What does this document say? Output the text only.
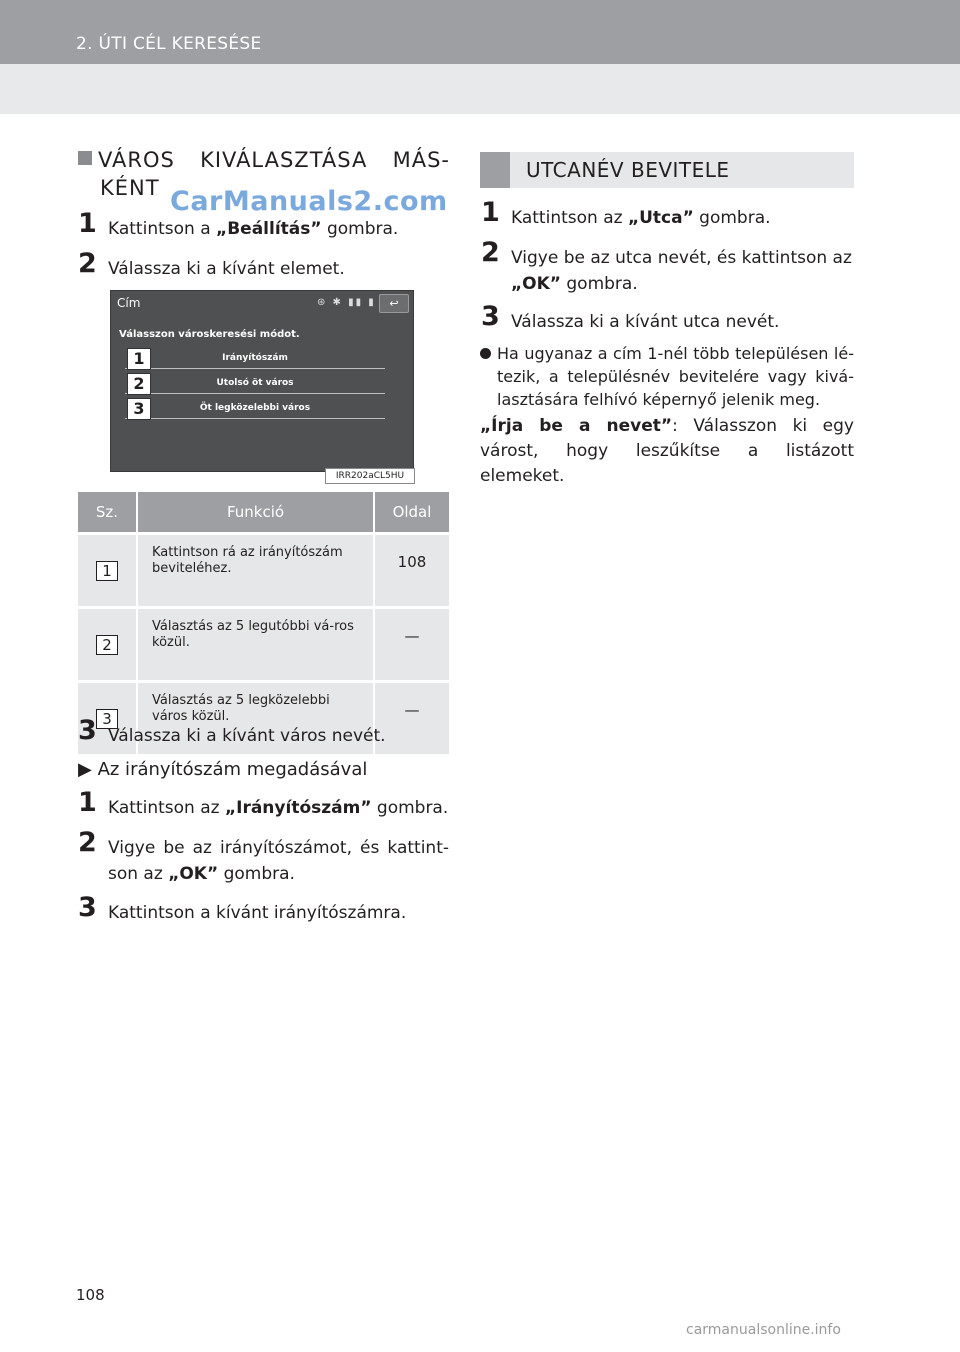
2. ÚTI CÉL KERESÉSE
VÁROS KIVÁLASZTÁSA MÁS-
KÉNT CarManuals2.com
1 Kattintson a „Beállítás” gombra.
2 Válassza ki a kívánt elemet.
Cím	⊛ ✱ ▮▮ ▮	↩
Válasszon városkeresési módot.
Irányítószám
1
Utolsó öt város
2
Öt legközelebbi város
3
IRR202aCL5HU
Sz.	Funkció	Oldal
1	Kattintson rá az irányítószám beviteléhez.	108
2	Választás az 5 legutóbbi vá-ros közül.	—
3	Választás az 5 legközelebbi város közül.	—
3 Válassza ki a kívánt város nevét.
▶ Az irányítószám megadásával
1 Kattintson az „Irányítószám” gombra.
2 Vigye be az irányítószámot, és kattint-son az „OK” gombra.
3 Kattintson a kívánt irányítószámra.
UTCANÉV BEVITELE
1 Kattintson az „Utca” gombra.
2 Vigye be az utca nevét, és kattintson az „OK” gombra.
3 Válassza ki a kívánt utca nevét.
Ha ugyanaz a cím 1-nél több településen lé-tezik, a településnév bevitelére vagy kivá-lasztására felhívó képernyő jelenik meg.
„Írja be a nevet”: Válasszon ki egy várost, hogy leszűkítse a listázott elemeket.
108
carmanualsonline.info
